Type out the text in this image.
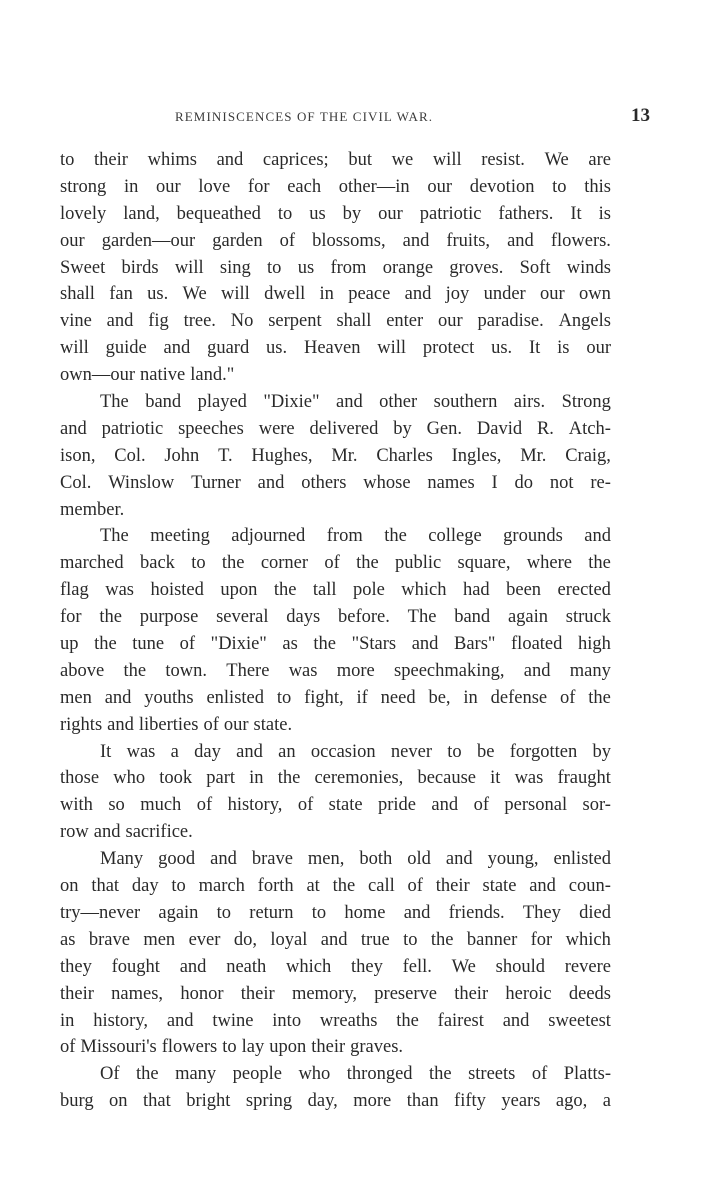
REMINISCENCES OF THE CIVIL WAR.	13
to their whims and caprices; but we will resist. We are
strong in our love for each other—in our devotion to this
lovely land, bequeathed to us by our patriotic fathers. It is
our garden—our garden of blossoms, and fruits, and flowers.
Sweet birds will sing to us from orange groves. Soft winds
shall fan us. We will dwell in peace and joy under our own
vine and fig tree. No serpent shall enter our paradise. Angels
will guide and guard us. Heaven will protect us. It is our
own—our native land."
The band played "Dixie" and other southern airs. Strong
and patriotic speeches were delivered by Gen. David R. Atch-
ison, Col. John T. Hughes, Mr. Charles Ingles, Mr. Craig,
Col. Winslow Turner and others whose names I do not re-
member.
The meeting adjourned from the college grounds and
marched back to the corner of the public square, where the
flag was hoisted upon the tall pole which had been erected
for the purpose several days before. The band again struck
up the tune of "Dixie" as the "Stars and Bars" floated high
above the town. There was more speechmaking, and many
men and youths enlisted to fight, if need be, in defense of the
rights and liberties of our state.
It was a day and an occasion never to be forgotten by
those who took part in the ceremonies, because it was fraught
with so much of history, of state pride and of personal sor-
row and sacrifice.
Many good and brave men, both old and young, enlisted
on that day to march forth at the call of their state and coun-
try—never again to return to home and friends. They died
as brave men ever do, loyal and true to the banner for which
they fought and neath which they fell. We should revere
their names, honor their memory, preserve their heroic deeds
in history, and twine into wreaths the fairest and sweetest
of Missouri's flowers to lay upon their graves.
Of the many people who thronged the streets of Platts-
burg on that bright spring day, more than fifty years ago, a
